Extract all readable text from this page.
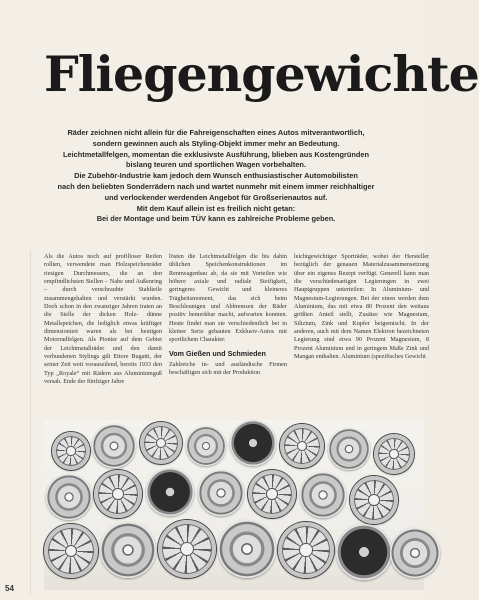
Fliegengewichte
Räder zeichnen nicht allein für die Fahreigenschaften eines Autos mitverantwortlich,
sondern gewinnen auch als Styling-Objekt immer mehr an Bedeutung.
Leichtmetallfelgen, momentan die exklusivste Ausführung, blieben aus Kostengründen
bislang teuren und sportlichen Wagen vorbehalten.
Die Zubehör-Industrie kam jedoch dem Wunsch enthusiastischer Automobilisten
nach den beliebten Sonderrädern nach und wartet nunmehr mit einem immer reichhaltiger
und verlockender werdenden Angebot für Großserienautos auf.
Mit dem Kauf allein ist es freilich nicht getan:
Bei der Montage und beim TÜV kann es zahlreiche Probleme geben.
Als die Autos noch auf profilloser Reifen rollten, verwendete man Holzspeichenräder riesigen Durchmessers, die an den empfindlichsten Stellen – Nabe und Außenring – durch verschraubte Stahlteile zusammengehalten und verstärkt wurden. Doch schon in den zwanziger Jahren traten an die Stelle der dicken Holz- dünne Metallspeichen, die lediglich etwas kräftiger dimensioniert waren als bei heutigen Motorradfelgen. Als Pionier auf dem Gebiet der Leichtmetallräder und den damit verbundenen Stylings gilt Ettore Bugatti, der seiner Zeit weit vorauseilend, bereits 1933 den Typ „Royale“ mit Rädern aus Aluminiumguß versah. Ende der fünfziger Jahre
lösten die Leichtmetallfelgen die bis dahin üblichen Speichenkonstruktionen im Rennwagenbau ab, da sie mit Vorteilen wie höhere axiale und radiale Steifigkeit, geringeres Gewicht und kleineres Trägheitsmoment, das sich beim Beschleunigen und Abbremsen der Räder positiv bemerkbar macht, aufwarten konnten. Heute findet man sie verschiedentlich bei in kleiner Serie gebauten Exklusiv-Autos mit sportlichem Charakter.
Vom Gießen und Schmieden
Zahlreiche in- und ausländische Firmen beschäftigen sich mit der Produktion
leichtgewichtiger Sporträder, wobei der Hersteller bezüglich der genauen Materialzusammensetzung über ein eigenes Rezept verfügt. Generell kann man die verschiedenartigen Legierungen in zwei Hauptgruppen unterteilen: In Aluminium- und Magnesium-Legierungen. Bei der einen werden dem Aluminium, das mit etwa 80 Prozent den weitaus größten Anteil stellt, Zusätze wie Magnesium, Silizium, Zink und Kupfer beigemischt. In der anderen, auch mit dem Namen Elektron bezeichneten Legierung sind etwa 90 Prozent Magnesium, 8 Prozent Aluminium und in geringem Maße Zink und Mangan enthalten. Aluminium (spezifisches Gewicht
54
